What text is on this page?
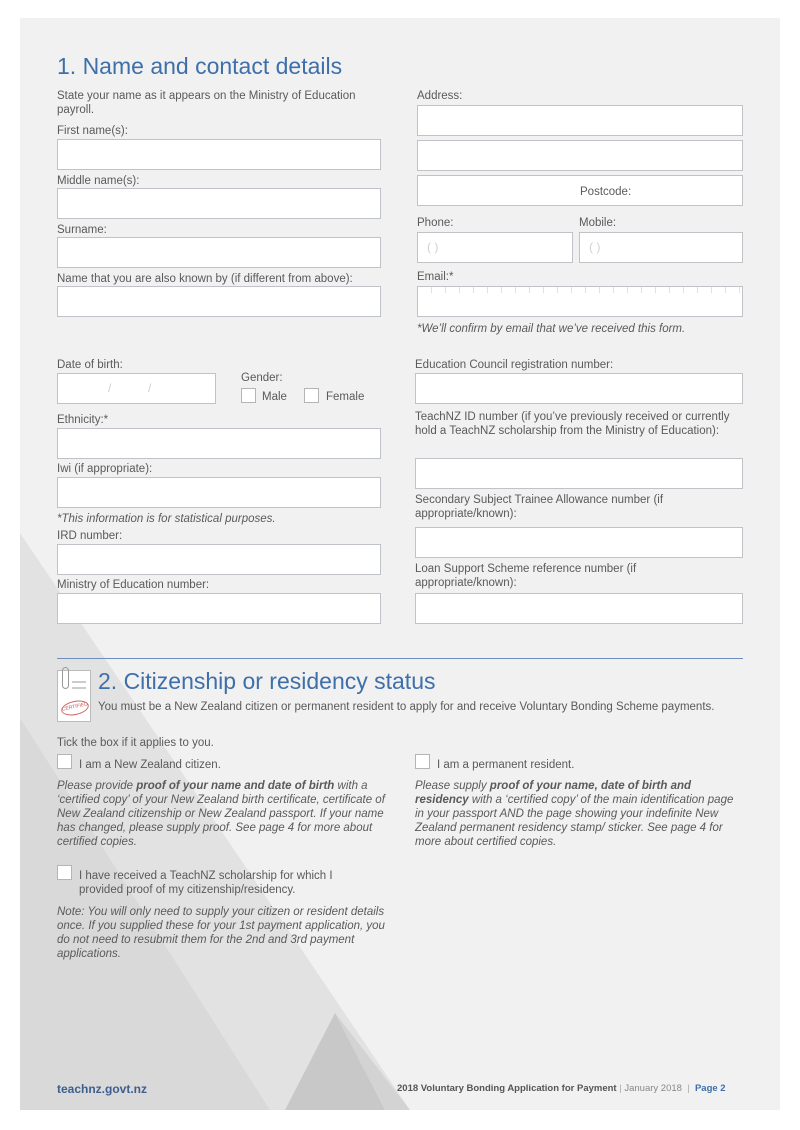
1. Name and contact details
State your name as it appears on the Ministry of Education payroll.
First name(s):
Middle name(s):
Surname:
Name that you are also known by (if different from above):
Address:
Postcode:
Phone:	Mobile:
( )	( )
Email:*
*We’ll confirm by email that we’ve received this form.
Date of birth:
/	/
Gender:
Male	Female
Ethnicity:*
Iwi (if appropriate):
*This information is for statistical purposes.
IRD number:
Ministry of Education number:
Education Council registration number:
TeachNZ ID number (if you’ve previously received or currently hold a TeachNZ scholarship from the Ministry of Education):
Secondary Subject Trainee Allowance number (if appropriate/known):
Loan Support Scheme reference number (if appropriate/known):
CERTIFIED
2. Citizenship or residency status
You must be a New Zealand citizen or permanent resident to apply for and receive Voluntary Bonding Scheme payments.
Tick the box if it applies to you.
I am a New Zealand citizen.
Please provide proof of your name and date of birth with a ‘certified copy’ of your New Zealand birth certificate, certificate of New Zealand citizenship or New Zealand passport. If your name has changed, please supply proof. See page 4 for more about certified copies.
I am a permanent resident.
Please supply proof of your name, date of birth and residency with a ‘certified copy’ of the main identification page in your passport AND the page showing your indefinite New Zealand permanent residency stamp/ sticker. See page 4 for more about certified copies.
I have received a TeachNZ scholarship for which I provided proof of my citizenship/residency.
Note: You will only need to supply your citizen or resident details once. If you supplied these for your 1st payment application, you do not need to resubmit them for the 2nd and 3rd payment applications.
teachnz.govt.nz	2018 Voluntary Bonding Application for Payment | January 2018 | Page 2
